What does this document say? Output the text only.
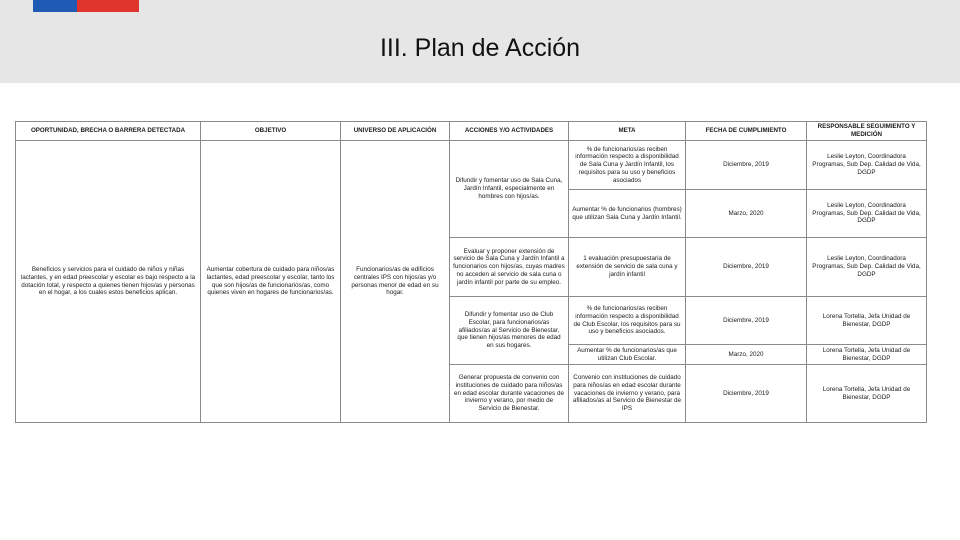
III. Plan de Acción
OPORTUNIDAD, BRECHA O BARRERA DETECTADA	OBJETIVO	UNIVERSO DE APLICACIÓN	ACCIONES Y/O ACTIVIDADES	META	FECHA DE CUMPLIMIENTO	RESPONSABLE SEGUIMIENTO Y MEDICIÓN
Beneficios y servicios para el cuidado de niños y niñas lactantes, y en edad preescolar y escolar es bajo respecto a la dotación total, y respecto a quienes tienen hijos/as y personas en el hogar, a los cuales estos beneficios aplican.	Aumentar cobertura de cuidado para niños/as lactantes, edad preescolar y escolar, tanto los que son hijos/as de funcionarios/as, como quienes viven en hogares de funcionarios/as.	Funcionarios/as de edificios centrales IPS con hijos/as y/o personas menor de edad en su hogar.	Difundir y fomentar uso de Sala Cuna, Jardín Infantil, especialmente en hombres con hijos/as.	% de funcionarios/as reciben información respecto a disponibilidad de Sala Cuna y Jardín Infantil, los requisitos para su uso y beneficios asociados	Diciembre, 2019	Leslie Leyton, Coordinadora Programas, Sub Dep. Calidad de Vida, DGDP
				Aumentar % de funcionarios (hombres) que utilizan Sala Cuna y Jardín Infantil.	Marzo, 2020	Leslie Leyton, Coordinadora Programas, Sub Dep. Calidad de Vida, DGDP
			Evaluar y proponer extensión de servicio de Sala Cuna y Jardín Infantil a funcionarios con hijos/as, cuyas madres no acceden al servicio de sala cuna o jardín infantil por parte de su empleo.	1 evaluación presupuestaria de extensión de servicio de sala cuna y jardín infantil	Diciembre, 2019	Leslie Leyton, Coordinadora Programas, Sub Dep. Calidad de Vida, DGDP
			Difundir y fomentar uso de Club Escolar, para funcionarios/as afiliados/as al Servicio de Bienestar, que tienen hijos/as menores de edad en sus hogares.	% de funcionarios/as reciben información respecto a disponibilidad de Club Escolar, los requisitos para su uso y beneficios asociados.	Diciembre, 2019	Lorena Tortella, Jefa Unidad de Bienestar, DGDP
				Aumentar % de funcionarios/as que utilizan Club Escolar.	Marzo, 2020	Lorena Tortella, Jefa Unidad de Bienestar, DGDP
			Generar propuesta de convenio con instituciones de cuidado para niños/as en edad escolar durante vacaciones de invierno y verano, por medio de Servicio de Bienestar.	Convenio con instituciones de cuidado para niños/as en edad escolar durante vacaciones de invierno y verano, para afiliados/as al Servicio de Bienestar de IPS	Diciembre, 2019	Lorena Tortella, Jefa Unidad de Bienestar, DGDP
